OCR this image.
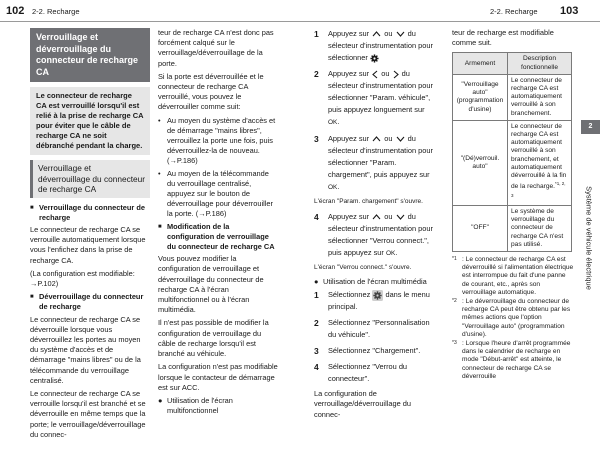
102 2-2. Recharge	2-2. Recharge 103
Verrouillage et déverrouillage du connecteur de recharge CA
Le connecteur de recharge CA est verrouillé lorsqu'il est relié à la prise de recharge CA pour éviter que le câble de recharge CA ne soit débranché pendant la charge.
Verrouillage et déverrouillage du connecteur de recharge CA
■ Verrouillage du connecteur de recharge

Le connecteur de recharge CA se verrouille automatiquement lorsque vous l'enfichez dans la prise de recharge CA.

(La configuration est modifiable: →P.102)

■ Déverrouillage du connecteur de recharge

Le connecteur de recharge CA se déverrouille lorsque vous déverrouillez les portes au moyen du système d'accès et de démarrage "mains libres" ou de la télécommande du verrouillage centralisé.

Le connecteur de recharge CA se verrouille lorsqu'il est branché et se déverrouille en même temps que la porte; le verrouillage/déverrouillage du connec-

teur de recharge CA n'est donc pas forcément calqué sur le verrouillage/déverrouillage de la porte.

Si la porte est déverrouillée et le connecteur de recharge CA verrouillé, vous pouvez le déverrouiller comme suit:

• Au moyen du système d'accès et de démarrage "mains libres", verrouillez la porte une fois, puis déverrouillez-la de nouveau. (→P.186)
• Au moyen de la télécommande du verrouillage centralisé, appuyez sur le bouton de déverrouillage pour déverrouiller la porte. (→P.186)
■ Modification de la configuration de verrouillage du connecteur de recharge CA

Vous pouvez modifier la configuration de verrouillage et déverrouillage du connecteur de recharge CA à l'écran multifonctionnel ou à l'écran multimédia.

Il n'est pas possible de modifier la configuration de verrouillage du câble de recharge lorsqu'il est branché au véhicule.

La configuration n'est pas modifiable lorsque le contacteur de démarrage est sur ACC.

● Utilisation de l'écran multifonctionnel
1	Appuyez sur ou du sélecteur d'instrumentation pour sélectionner
2	Appuyez sur ou du sélecteur d'instrumentation pour sélectionner "Param. véhicule", puis appuyez longuement sur OK.
3	Appuyez sur ou du sélecteur d'instrumentation pour sélectionner "Param. chargement", puis appuyez sur OK.
L'écran "Param. chargement" s'ouvre.
4	Appuyez sur ou du sélecteur d'instrumentation pour sélectionner "Verrou connect.", puis appuyez sur OK.
L'écran "Verrou connect." s'ouvre.
● Utilisation de l'écran multimédia
1	Sélectionnez dans le menu principal.
2	Sélectionnez "Personnalisation du véhicule".
3	Sélectionnez "Chargement".
4	Sélectionnez "Verrou du connecteur".

La configuration de verrouillage/déverrouillage du connec-

teur de recharge est modifiable comme suit.

Armement	Description fonctionnelle
"Verrouillage auto" (programmation d'usine)	Le connecteur de recharge CA est automatiquement verrouillé à son branchement.
"(Dé)verrouil. auto"	Le connecteur de recharge CA est automatiquement verrouillé à son branchement, et automatiquement déverrouillé à la fin de la recharge.$^{*1, 2, 3}$
"OFF"	Le système de verrouillage du connecteur de recharge CA n'est pas utilisé.
*1 : Le connecteur de recharge CA est déverrouillé si l'alimentation électrique est interrompue du fait d'une panne de courant, etc., après son verrouillage automatique.
*2 : Le déverrouillage du connecteur de recharge CA peut être obtenu par les mêmes actions que l'option "Verrouillage auto" (programmation d'usine).
*3 : Lorsque l'heure d'arrêt programmée dans le calendrier de recharge en mode "Début-arrêt" est atteinte, le connecteur de recharge CA se déverrouille
2
Système de véhicule électrique
